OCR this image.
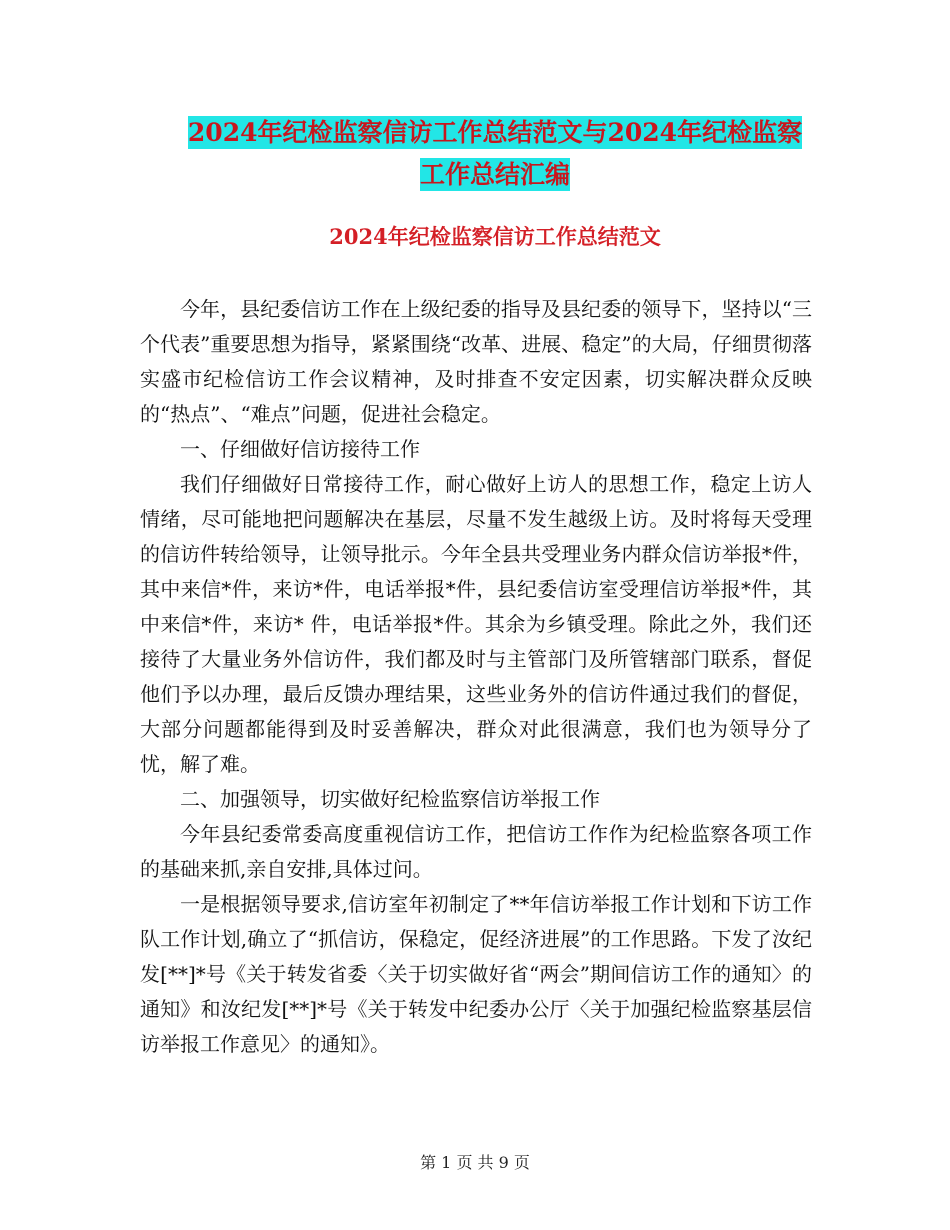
2024年纪检监察信访工作总结范文与2024年纪检监察
工作总结汇编
2024年纪检监察信访工作总结范文

今年，县纪委信访工作在上级纪委的指导及县纪委的领导下，坚持以“三个代表”重要思想为指导，紧紧围绕“改革、进展、稳定”的大局，仔细贯彻落实盛市纪检信访工作会议精神，及时排查不安定因素，切实解决群众反映的“热点”、“难点”问题，促进社会稳定。

一、仔细做好信访接待工作

我们仔细做好日常接待工作，耐心做好上访人的思想工作，稳定上访人情绪，尽可能地把问题解决在基层，尽量不发生越级上访。及时将每天受理的信访件转给领导，让领导批示。今年全县共受理业务内群众信访举报*件，其中来信*件，来访*件，电话举报*件，县纪委信访室受理信访举报*件，其中来信*件，来访* 件，电话举报*件。其余为乡镇受理。除此之外，我们还接待了大量业务外信访件，我们都及时与主管部门及所管辖部门联系，督促他们予以办理，最后反馈办理结果，这些业务外的信访件通过我们的督促，大部分问题都能得到及时妥善解决，群众对此很满意，我们也为领导分了忧，解了难。

二、加强领导，切实做好纪检监察信访举报工作

今年县纪委常委高度重视信访工作，把信访工作作为纪检监察各项工作的基础来抓,亲自安排,具体过问。

一是根据领导要求,信访室年初制定了**年信访举报工作计划和下访工作队工作计划,确立了“抓信访，保稳定，促经济进展”的工作思路。下发了汝纪发[**]*号《关于转发省委〈关于切实做好省“两会”期间信访工作的通知〉的通知》和汝纪发[**]*号《关于转发中纪委办公厅〈关于加强纪检监察基层信访举报工作意见〉的通知》。

第 1 页 共 9 页
